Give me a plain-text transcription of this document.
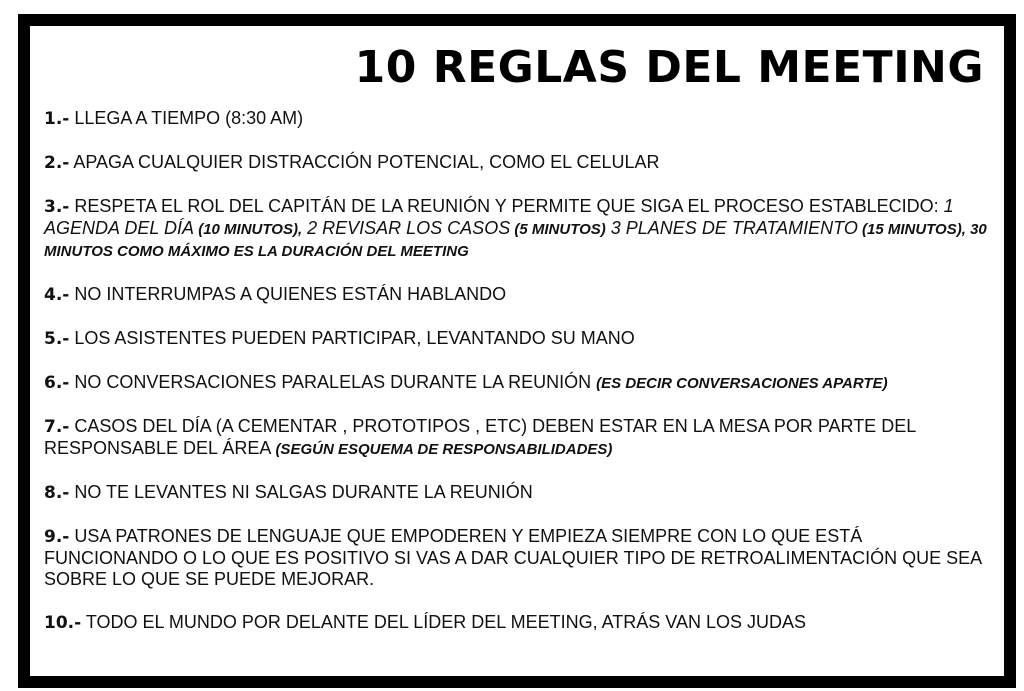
10 REGLAS DEL MEETING

1.- LLEGA A TIEMPO (8:30 AM)

2.- APAGA CUALQUIER DISTRACCIÓN POTENCIAL, COMO EL CELULAR

3.- RESPETA EL ROL DEL CAPITÁN DE LA REUNIÓN Y PERMITE QUE SIGA EL PROCESO ESTABLECIDO: 1 AGENDA DEL DÍA (10 MINUTOS), 2 REVISAR LOS CASOS (5 MINUTOS) 3 PLANES DE TRATAMIENTO (15 MINUTOS), 30 MINUTOS COMO MÁXIMO ES LA DURACIÓN DEL MEETING

4.- NO INTERRUMPAS A QUIENES ESTÁN HABLANDO

5.- LOS ASISTENTES PUEDEN PARTICIPAR, LEVANTANDO SU MANO

6.- NO CONVERSACIONES PARALELAS DURANTE LA REUNIÓN (ES DECIR CONVERSACIONES APARTE)

7.- CASOS DEL DÍA (A CEMENTAR , PROTOTIPOS , ETC) DEBEN ESTAR EN LA MESA POR PARTE DEL RESPONSABLE DEL ÁREA (SEGÚN ESQUEMA DE RESPONSABILIDADES)

8.- NO TE LEVANTES NI SALGAS DURANTE LA REUNIÓN

9.- USA PATRONES DE LENGUAJE QUE EMPODEREN Y EMPIEZA SIEMPRE CON LO QUE ESTÁ FUNCIONANDO O LO QUE ES POSITIVO SI VAS A DAR CUALQUIER TIPO DE RETROALIMENTACIÓN QUE SEA SOBRE LO QUE SE PUEDE MEJORAR.

10.- TODO EL MUNDO POR DELANTE DEL LÍDER DEL MEETING, ATRÁS VAN LOS JUDAS
